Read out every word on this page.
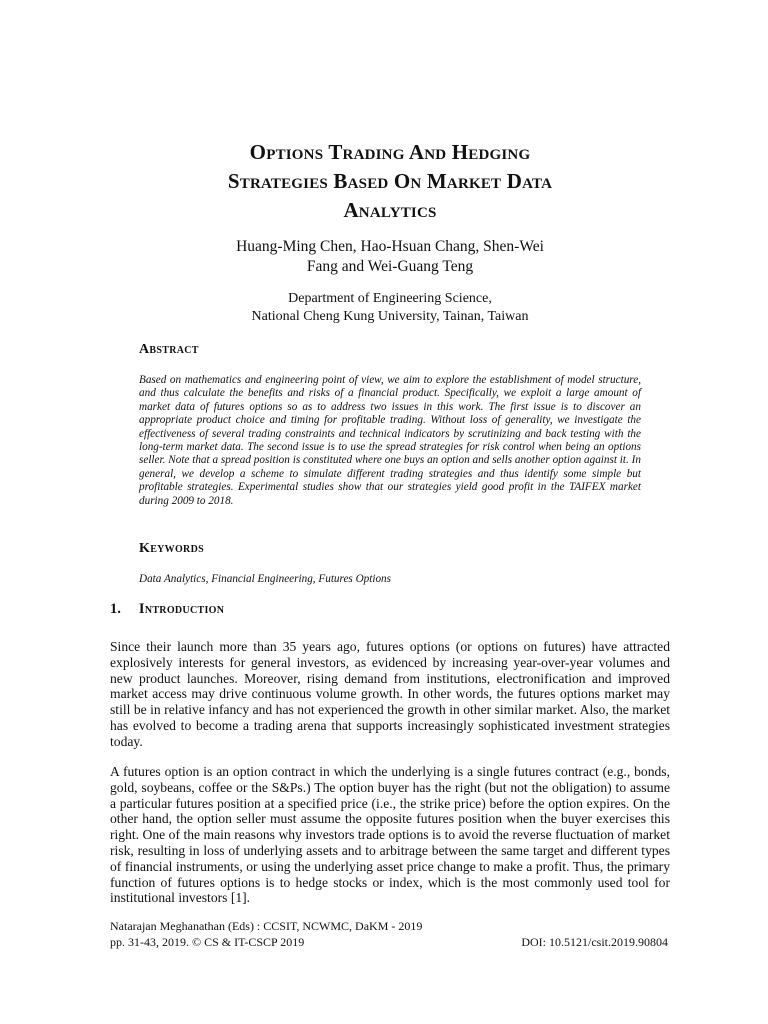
Options Trading And Hedging
Strategies Based On Market Data
Analytics
Huang-Ming Chen, Hao-Hsuan Chang, Shen-Wei
Fang and Wei-Guang Teng
Department of Engineering Science,
National Cheng Kung University, Tainan, Taiwan
Abstract
Based on mathematics and engineering point of view, we aim to explore the establishment of model structure, and thus calculate the benefits and risks of a financial product. Specifically, we exploit a large amount of market data of futures options so as to address two issues in this work. The first issue is to discover an appropriate product choice and timing for profitable trading. Without loss of generality, we investigate the effectiveness of several trading constraints and technical indicators by scrutinizing and back testing with the long-term market data. The second issue is to use the spread strategies for risk control when being an options seller. Note that a spread position is constituted where one buys an option and sells another option against it. In general, we develop a scheme to simulate different trading strategies and thus identify some simple but profitable strategies. Experimental studies show that our strategies yield good profit in the TAIFEX market during 2009 to 2018.
Keywords
Data Analytics, Financial Engineering, Futures Options
1. Introduction
Since their launch more than 35 years ago, futures options (or options on futures) have attracted explosively interests for general investors, as evidenced by increasing year-over-year volumes and new product launches. Moreover, rising demand from institutions, electronification and improved market access may drive continuous volume growth. In other words, the futures options market may still be in relative infancy and has not experienced the growth in other similar market. Also, the market has evolved to become a trading arena that supports increasingly sophisticated investment strategies today.
A futures option is an option contract in which the underlying is a single futures contract (e.g., bonds, gold, soybeans, coffee or the S&Ps.) The option buyer has the right (but not the obligation) to assume a particular futures position at a specified price (i.e., the strike price) before the option expires. On the other hand, the option seller must assume the opposite futures position when the buyer exercises this right. One of the main reasons why investors trade options is to avoid the reverse fluctuation of market risk, resulting in loss of underlying assets and to arbitrage between the same target and different types of financial instruments, or using the underlying asset price change to make a profit. Thus, the primary function of futures options is to hedge stocks or index, which is the most commonly used tool for institutional investors [1].
Natarajan Meghanathan (Eds) : CCSIT, NCWMC, DaKM - 2019
pp. 31-43, 2019. © CS & IT-CSCP 2019	DOI: 10.5121/csit.2019.90804
